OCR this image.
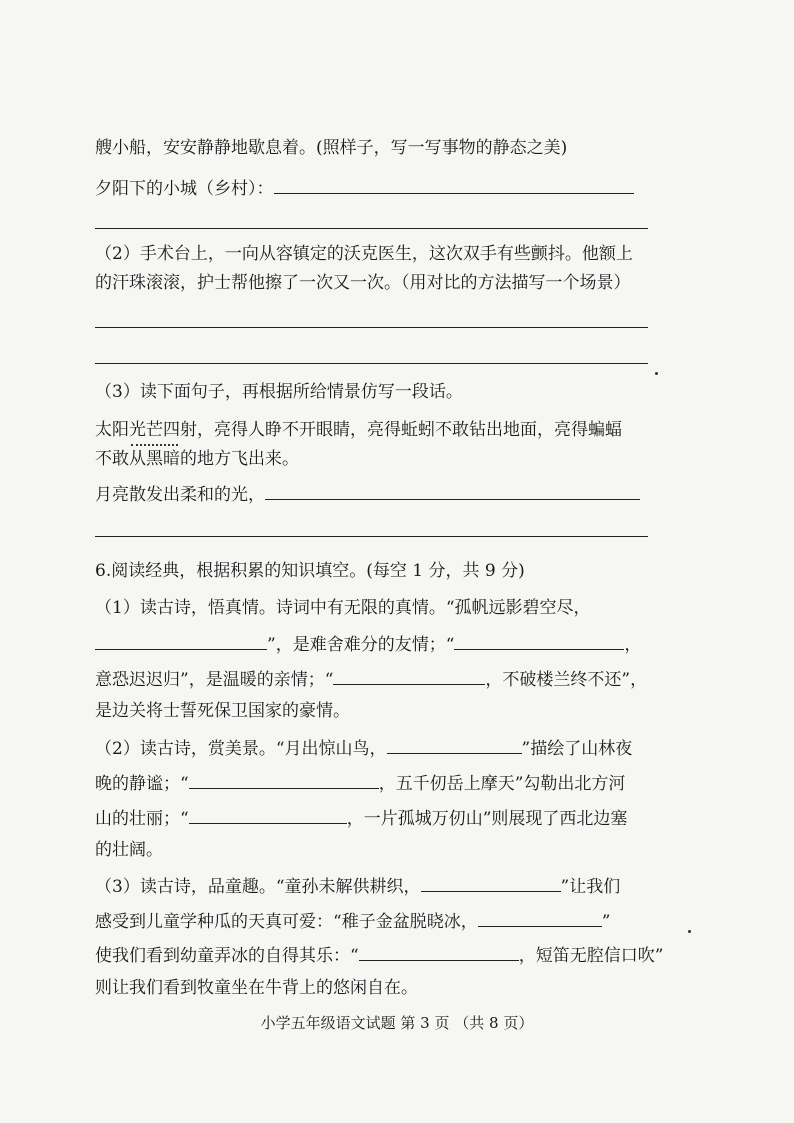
艘小船，安安静静地歇息着。(照样子，写一写事物的静态之美)
夕阳下的小城（乡村）：
（2）手术台上，一向从容镇定的沃克医生，这次双手有些颤抖。他额上
的汗珠滚滚，护士帮他擦了一次又一次。（用对比的方法描写一个场景）
（3）读下面句子，再根据所给情景仿写一段话。
太阳光芒四射，亮得人睁不开眼睛，亮得蚯蚓不敢钻出地面，亮得蝙蝠
不敢从黑暗的地方飞出来。
月亮散发出柔和的光，
6.阅读经典，根据积累的知识填空。(每空 1 分，共 9 分)
（1）读古诗，悟真情。诗词中有无限的真情。“孤帆远影碧空尽，
”，是难舍难分的友情；“	，
意恐迟迟归”，是温暖的亲情；“	，不破楼兰终不还”，
是边关将士誓死保卫国家的豪情。
（2）读古诗，赏美景。“月出惊山鸟，	”描绘了山林夜
晚的静谧；“	，五千仞岳上摩天”勾勒出北方河
山的壮丽；“	，一片孤城万仞山”则展现了西北边塞
的壮阔。
（3）读古诗，品童趣。“童孙未解供耕织，	”让我们
感受到儿童学种瓜的天真可爱：“稚子金盆脱晓冰，	”
使我们看到幼童弄冰的自得其乐：“	，短笛无腔信口吹”
则让我们看到牧童坐在牛背上的悠闲自在。
小学五年级语文试题 第 3 页 （共 8 页）
